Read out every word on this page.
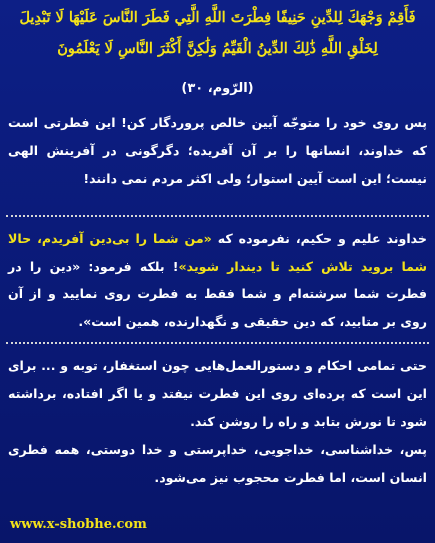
فَأَقِمْ وَجْهَكَ لِلدِّينِ حَنِيفًا فِطْرَتَ اللَّهِ الَّتِي فَطَرَ النَّاسَ عَلَيْهَا لَا تَبْدِيلَ
لِخَلْقِ اللَّهِ ذَٰلِكَ الدِّينُ الْقَيِّمُ وَلَٰكِنَّ أَكْثَرَ النَّاسِ لَا يَعْلَمُونَ
(الرّوم، ٣٠)
پس روی خود را متوجّه آیین خالص پروردگار کن! این فطرتی است که خداوند، انسانها را بر آن آفریده؛ دگرگونی در آفرینش الهی نیست؛ این است آیین استوار؛ ولی اکثر مردم نمی دانند!
خداوند علیم و حکیم، نفرموده که «من شما را بی‌دین آفریدم، حالا شما بروید تلاش کنید تا دیندار شوید»! بلکه فرمود: «دین را در فطرت شما سرشته‌ام و شما فقط به فطرت روی نمایید و از آن روی بر متابید، که دین حقیقی و نگهدارنده، همین است».
حتی تمامی احکام و دستورالعمل‌هایی چون استغفار، توبه و ... برای این است که پرده‌ای روی این فطرت نیفتد و یا اگر افتاده، برداشته شود تا نورش بتابد و راه را روشن کند.
پس، خداشناسی، خداجویی، خداپرستی و خدا دوستی، همه فطری انسان است، اما فطرت محجوب نیز می‌شود.
www.x-shobhe.com
